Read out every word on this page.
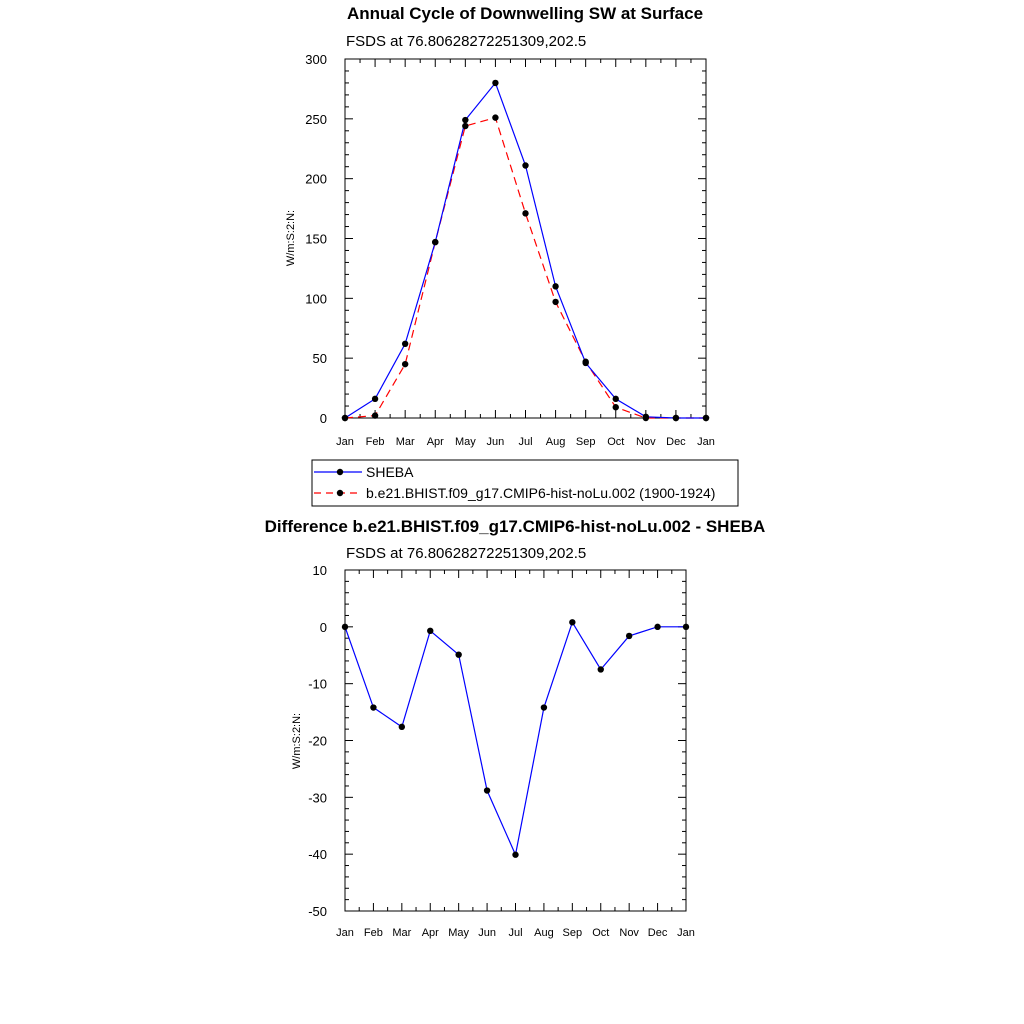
Annual Cycle of Downwelling SW at Surface
FSDS at 76.80628272251309,202.5
W/m:S:2:N:
0
50
100
150
200
250
300
Jan Feb Mar Apr May Jun Jul Aug Sep Oct Nov Dec Jan
SHEBA
b.e21.BHIST.f09_g17.CMIP6-hist-noLu.002 (1900-1924)
Difference b.e21.BHIST.f09_g17.CMIP6-hist-noLu.002 - SHEBA
FSDS at 76.80628272251309,202.5
W/m:S:2:N:
-50
-40
-30
-20
-10
0
10
Jan Feb Mar Apr May Jun Jul Aug Sep Oct Nov Dec Jan
